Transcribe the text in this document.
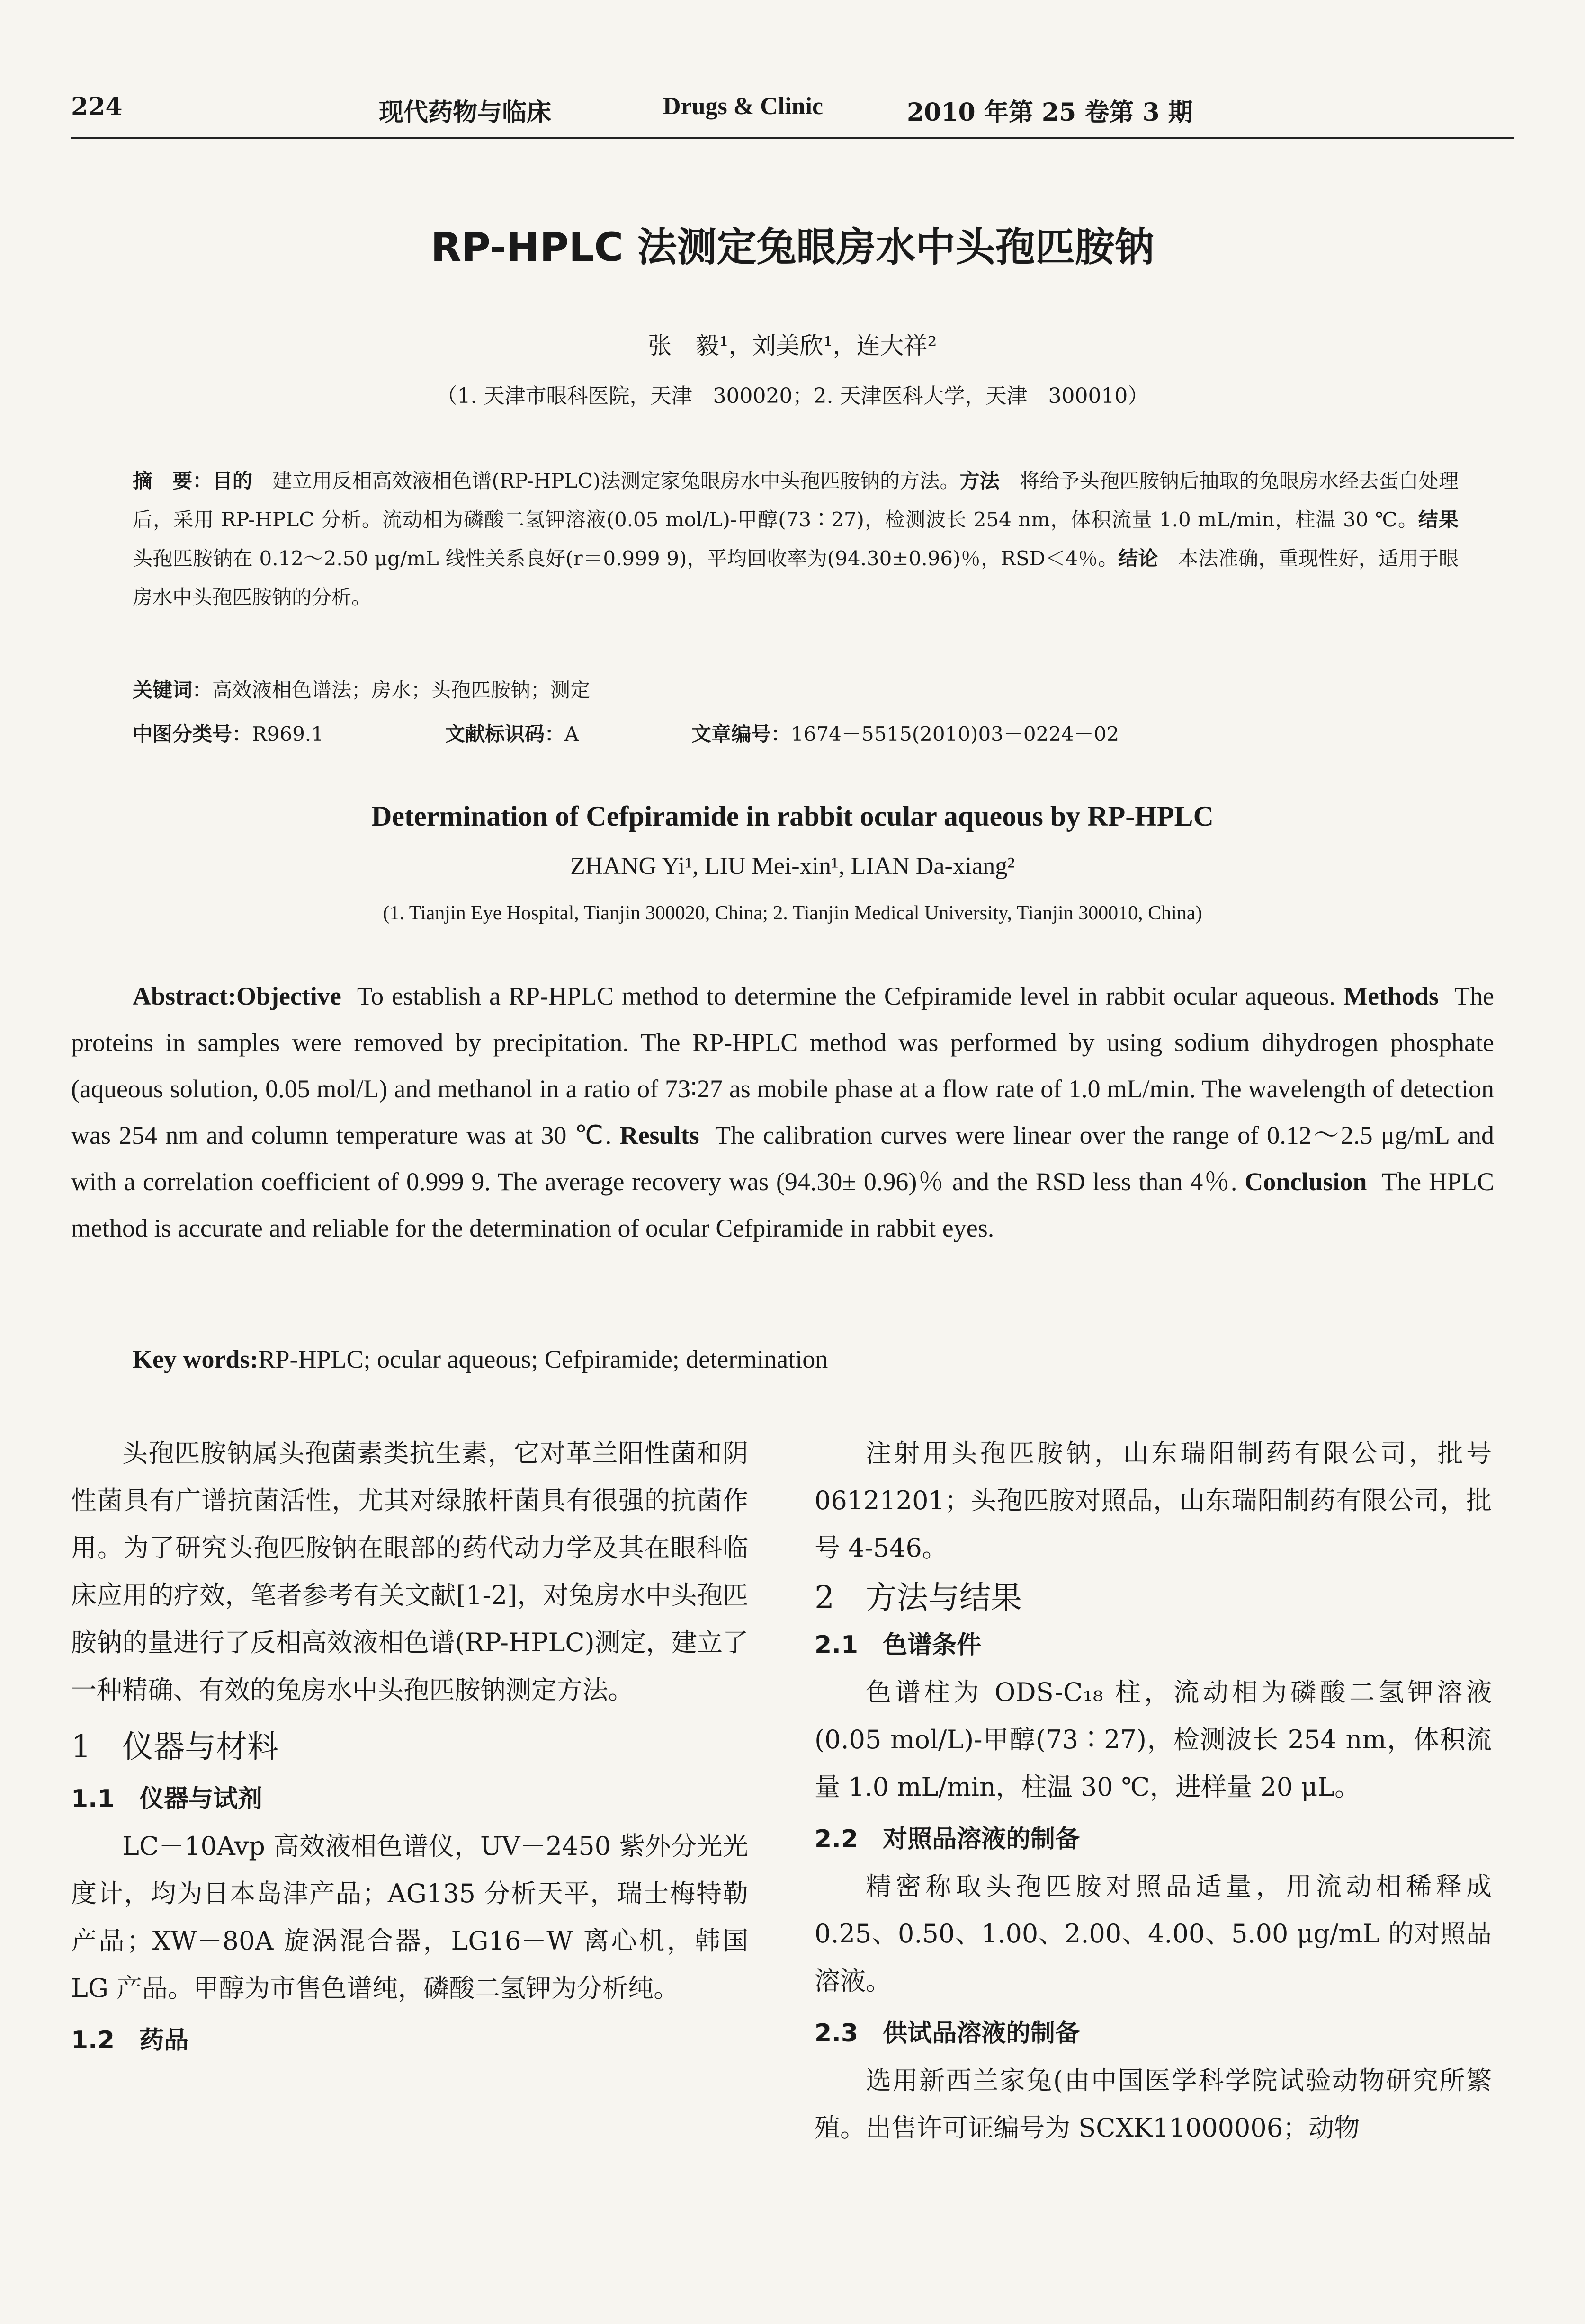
224	现代药物与临床	Drugs & Clinic	2010 年第 25 卷第 3 期
RP-HPLC 法测定兔眼房水中头孢匹胺钠
张　毅¹，刘美欣¹，连大祥²
（1. 天津市眼科医院，天津　300020；2. 天津医科大学，天津　300010）
摘　要：目的　 建立用反相高效液相色谱(RP-HPLC)法测定家兔眼房水中头孢匹胺钠的方法。方法　 将给予头孢匹胺钠后抽取的兔眼房水经去蛋白处理后，采用 RP-HPLC 分析。流动相为磷酸二氢钾溶液(0.05 mol/L)-甲醇(73∶27)，检测波长 254 nm，体积流量 1.0 mL/min，柱温 30 ℃。结果　头孢匹胺钠在 0.12～2.50 μg/mL 线性关系良好(r＝0.999 9)，平均回收率为(94.30±0.96)％，RSD＜4％。结论　 本法准确，重现性好，适用于眼房水中头孢匹胺钠的分析。
关键词：高效液相色谱法；房水；头孢匹胺钠；测定
中图分类号：R969.1	文献标识码：A	文章编号：1674－5515(2010)03－0224－02
Determination of Cefpiramide in rabbit ocular aqueous by RP-HPLC
ZHANG Yi¹, LIU Mei-xin¹, LIAN Da-xiang²
(1. Tianjin Eye Hospital, Tianjin 300020, China; 2. Tianjin Medical University, Tianjin 300010, China)
Abstract:Objective To establish a RP-HPLC method to determine the Cefpiramide level in rabbit ocular aqueous. Methods The proteins in samples were removed by precipitation. The RP-HPLC method was performed by using sodium dihydrogen phosphate (aqueous solution, 0.05 mol/L) and methanol in a ratio of 73∶27 as mobile phase at a flow rate of 1.0 mL/min. The wavelength of detection was 254 nm and column temperature was at 30 ℃. Results The calibration curves were linear over the range of 0.12～2.5 μg/mL and with a correlation coefficient of 0.999 9. The average recovery was (94.30± 0.96)％ and the RSD less than 4％. Conclusion The HPLC method is accurate and reliable for the determination of ocular Cefpiramide in rabbit eyes.
Key words:RP-HPLC; ocular aqueous; Cefpiramide; determination
头孢匹胺钠属头孢菌素类抗生素，它对革兰阳性菌和阴性菌具有广谱抗菌活性，尤其对绿脓杆菌具有很强的抗菌作用。为了研究头孢匹胺钠在眼部的药代动力学及其在眼科临床应用的疗效，笔者参考有关文献[1-2]，对兔房水中头孢匹胺钠的量进行了反相高效液相色谱(RP-HPLC)测定，建立了一种精确、有效的兔房水中头孢匹胺钠测定方法。
1　仪器与材料
1.1　仪器与试剂
LC－10Avp 高效液相色谱仪，UV－2450 紫外分光光度计，均为日本岛津产品；AG135 分析天平，瑞士梅特勒产品；XW－80A 旋涡混合器，LG16－W 离心机，韩国 LG 产品。甲醇为市售色谱纯，磷酸二氢钾为分析纯。
1.2　药品
注射用头孢匹胺钠，山东瑞阳制药有限公司，批号 06121201；头孢匹胺对照品，山东瑞阳制药有限公司，批号 4-546。
2　方法与结果
2.1　色谱条件
色谱柱为 ODS-C₁₈ 柱，流动相为磷酸二氢钾溶液(0.05 mol/L)-甲醇(73∶27)，检测波长 254 nm，体积流量 1.0 mL/min，柱温 30 ℃，进样量 20 μL。
2.2　对照品溶液的制备
精密称取头孢匹胺对照品适量，用流动相稀释成 0.25、0.50、1.00、2.00、4.00、5.00 μg/mL 的对照品溶液。
2.3　供试品溶液的制备
选用新西兰家兔(由中国医学科学院试验动物研究所繁殖。出售许可证编号为 SCXK11000006；动物
